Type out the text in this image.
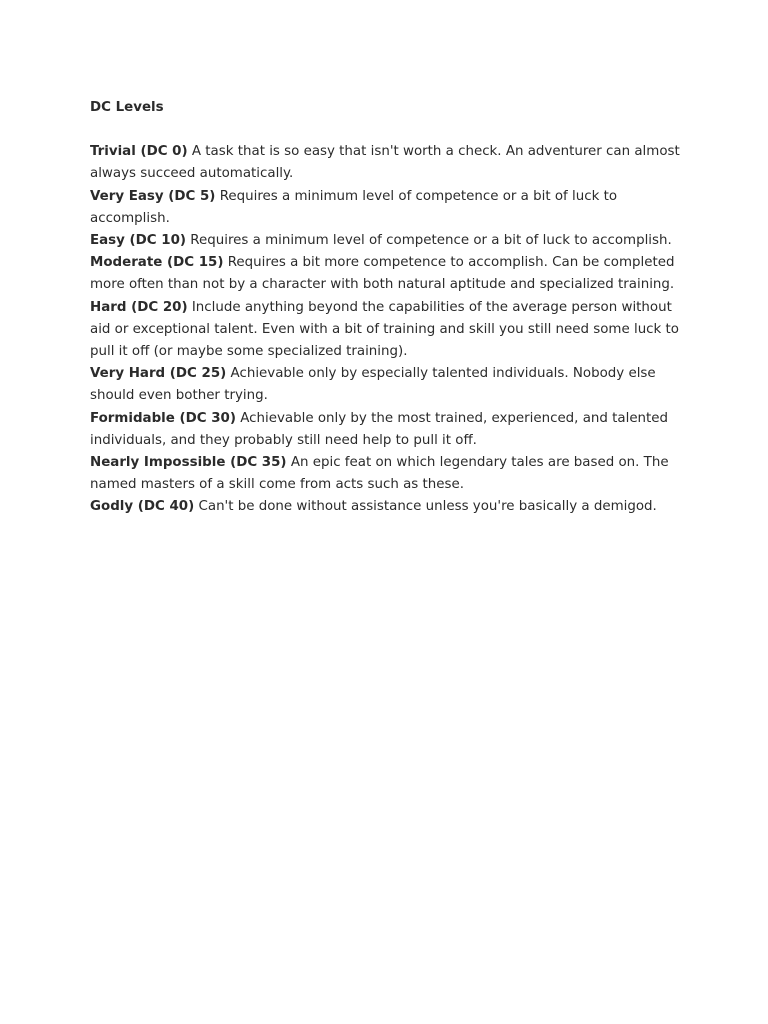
DC Levels
Trivial (DC 0) A task that is so easy that isn't worth a check. An adventurer can almost always succeed automatically.
Very Easy (DC 5) Requires a minimum level of competence or a bit of luck to accomplish.
Easy (DC 10) Requires a minimum level of competence or a bit of luck to accomplish.
Moderate (DC 15) Requires a bit more competence to accomplish. Can be completed more often than not by a character with both natural aptitude and specialized training.
Hard (DC 20) Include anything beyond the capabilities of the average person without aid or exceptional talent. Even with a bit of training and skill you still need some luck to pull it off (or maybe some specialized training).
Very Hard (DC 25) Achievable only by especially talented individuals. Nobody else should even bother trying.
Formidable (DC 30) Achievable only by the most trained, experienced, and talented individuals, and they probably still need help to pull it off.
Nearly Impossible (DC 35) An epic feat on which legendary tales are based on. The named masters of a skill come from acts such as these.
Godly (DC 40) Can't be done without assistance unless you're basically a demigod.
